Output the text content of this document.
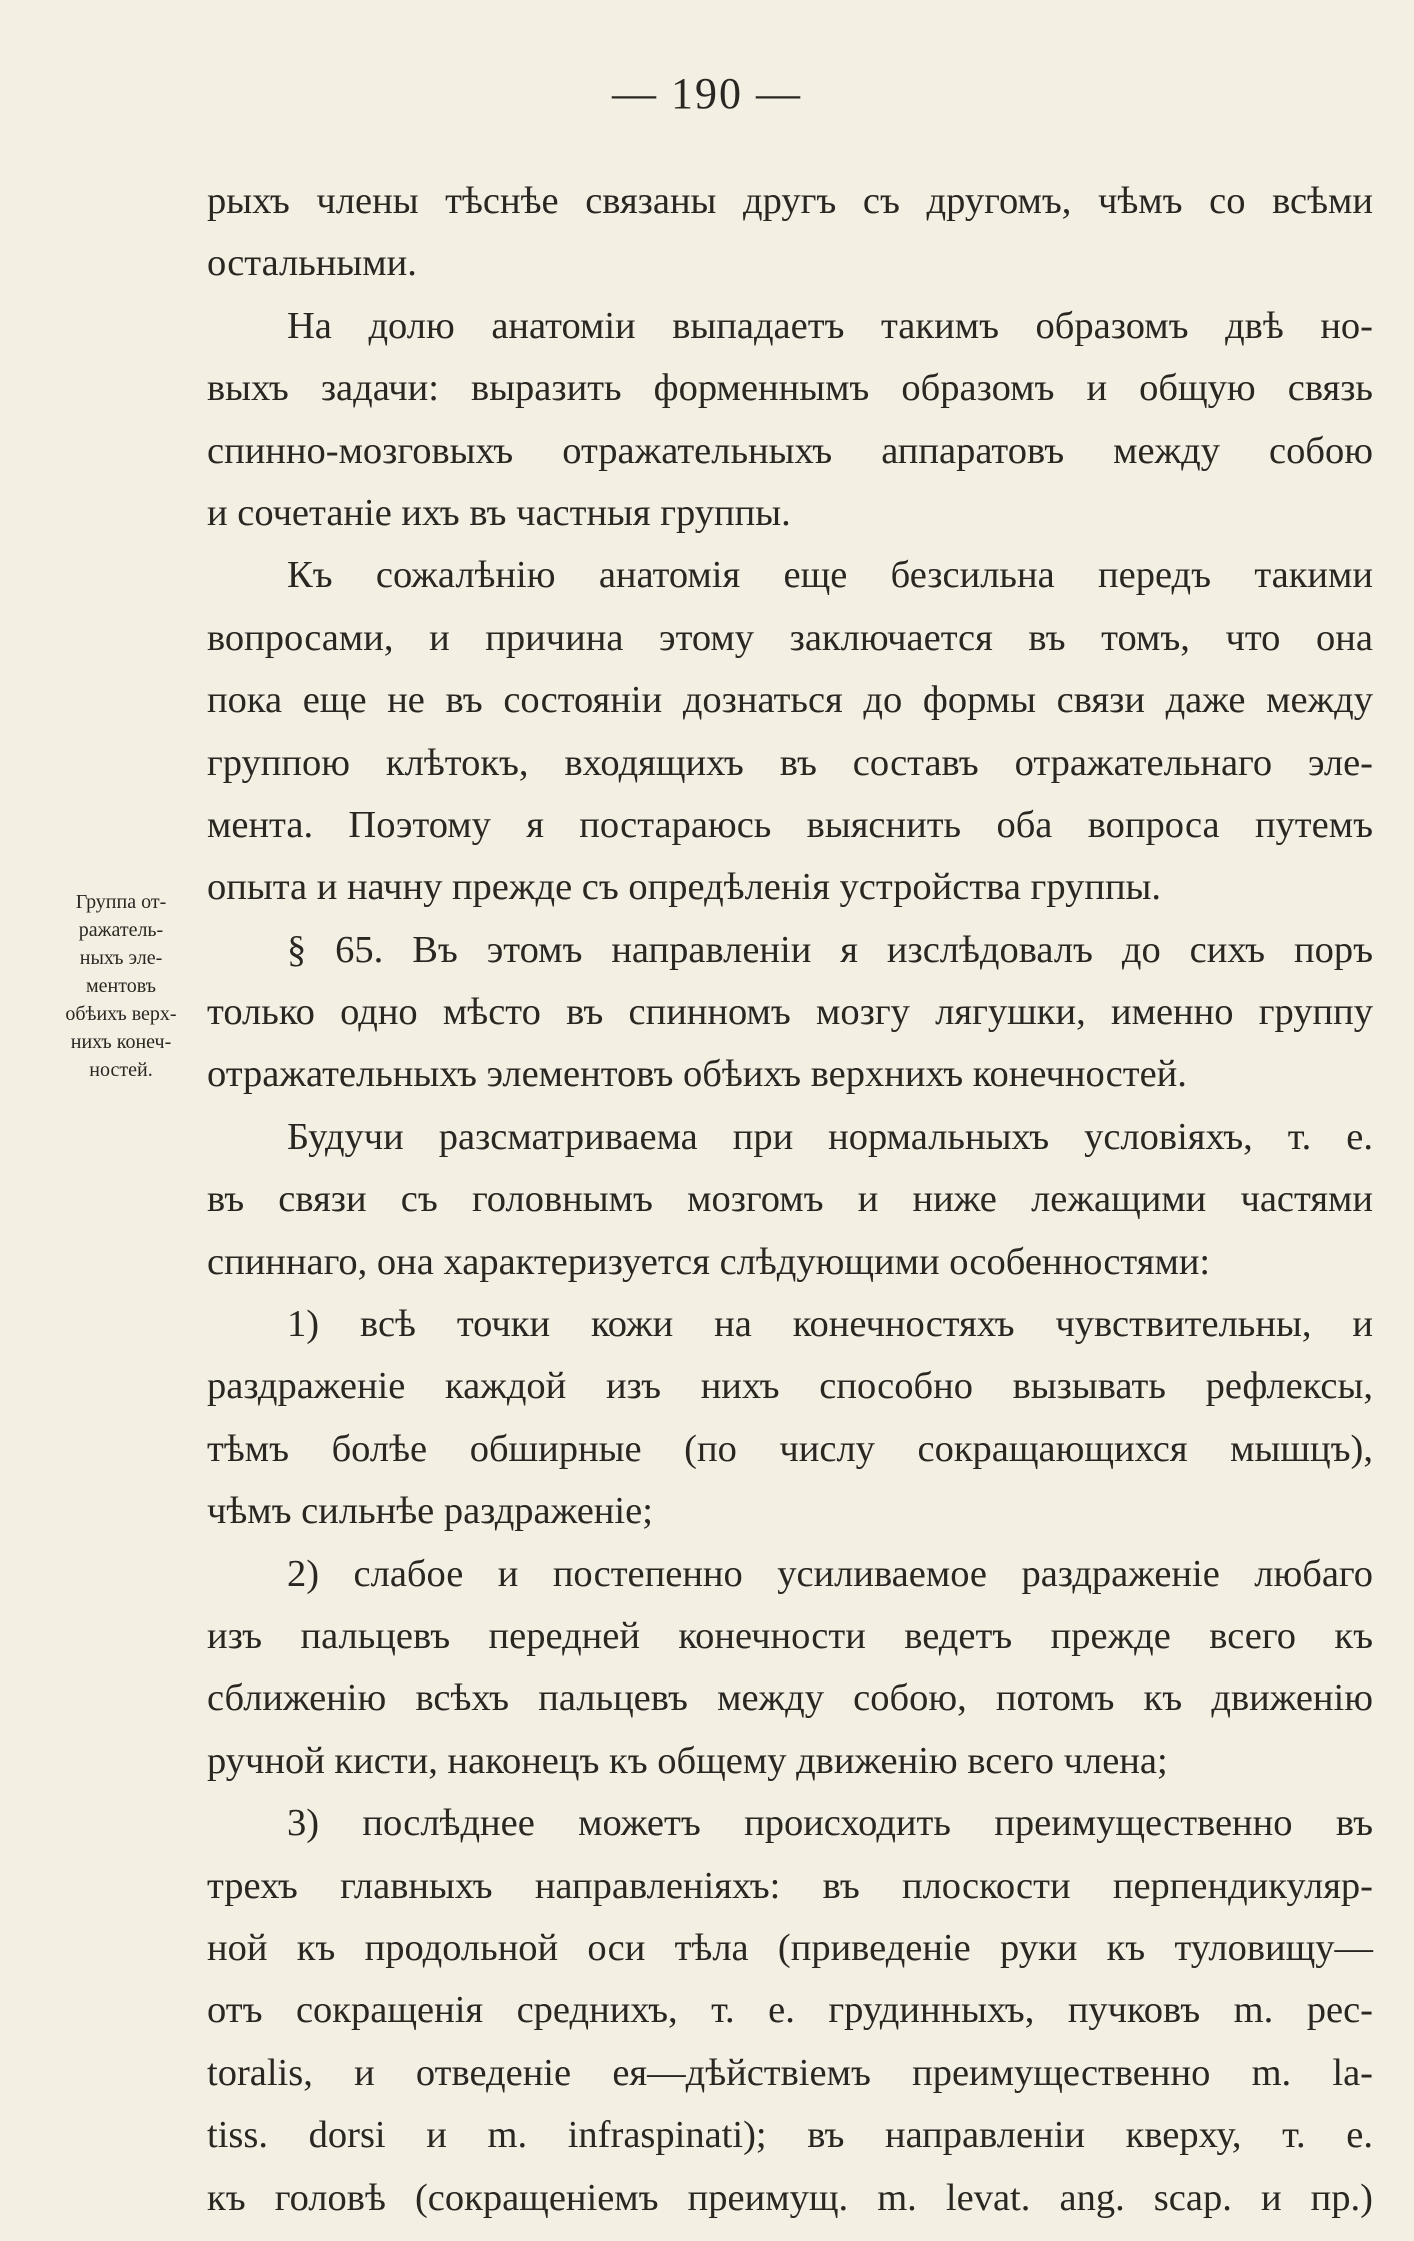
— 190 —
Группа от-
ражатель-
ныхъ эле-
ментовъ
обѣихъ верх-
нихъ конеч-
ностей.
рыхъ члены тѣснѣе связаны другъ съ другомъ, чѣмъ со всѣми
остальными.
На долю анатоміи выпадаетъ такимъ образомъ двѣ но-
выхъ задачи: выразить форменнымъ образомъ и общую связь
спинно-мозговыхъ отражательныхъ аппаратовъ между собою
и сочетаніе ихъ въ частныя группы.
Къ сожалѣнію анатомія еще безсильна передъ такими
вопросами, и причина этому заключается въ томъ, что она
пока еще не въ состояніи дознаться до формы связи даже между
группою клѣтокъ, входящихъ въ составъ отражательнаго эле-
мента. Поэтому я постараюсь выяснить оба вопроса путемъ
опыта и начну прежде съ опредѣленія устройства группы.
§ 65. Въ этомъ направленіи я изслѣдовалъ до сихъ поръ
только одно мѣсто въ спинномъ мозгу лягушки, именно группу
отражательныхъ элементовъ обѣихъ верхнихъ конечностей.
Будучи разсматриваема при нормальныхъ условіяхъ, т. е.
въ связи съ головнымъ мозгомъ и ниже лежащими частями
спиннаго, она характеризуется слѣдующими особенностями:
1) всѣ точки кожи на конечностяхъ чувствительны, и
раздраженіе каждой изъ нихъ способно вызывать рефлексы,
тѣмъ болѣе обширные (по числу сокращающихся мышцъ),
чѣмъ сильнѣе раздраженіе;
2) слабое и постепенно усиливаемое раздраженіе любаго
изъ пальцевъ передней конечности ведетъ прежде всего къ
сближенію всѣхъ пальцевъ между собою, потомъ къ движенію
ручной кисти, наконецъ къ общему движенію всего члена;
3) послѣднее можетъ происходить преимущественно въ
трехъ главныхъ направленіяхъ: въ плоскости перпендикуляр-
ной къ продольной оси тѣла (приведеніе руки къ туловищу—
отъ сокращенія среднихъ, т. е. грудинныхъ, пучковъ m. pec-
toralis, и отведеніе ея—дѣйствіемъ преимущественно m. la-
tiss. dorsi и m. infraspinati); въ направленіи кверху, т. е.
къ головѣ (сокращеніемъ преимущ. m. levat. ang. scap. и пр.)
